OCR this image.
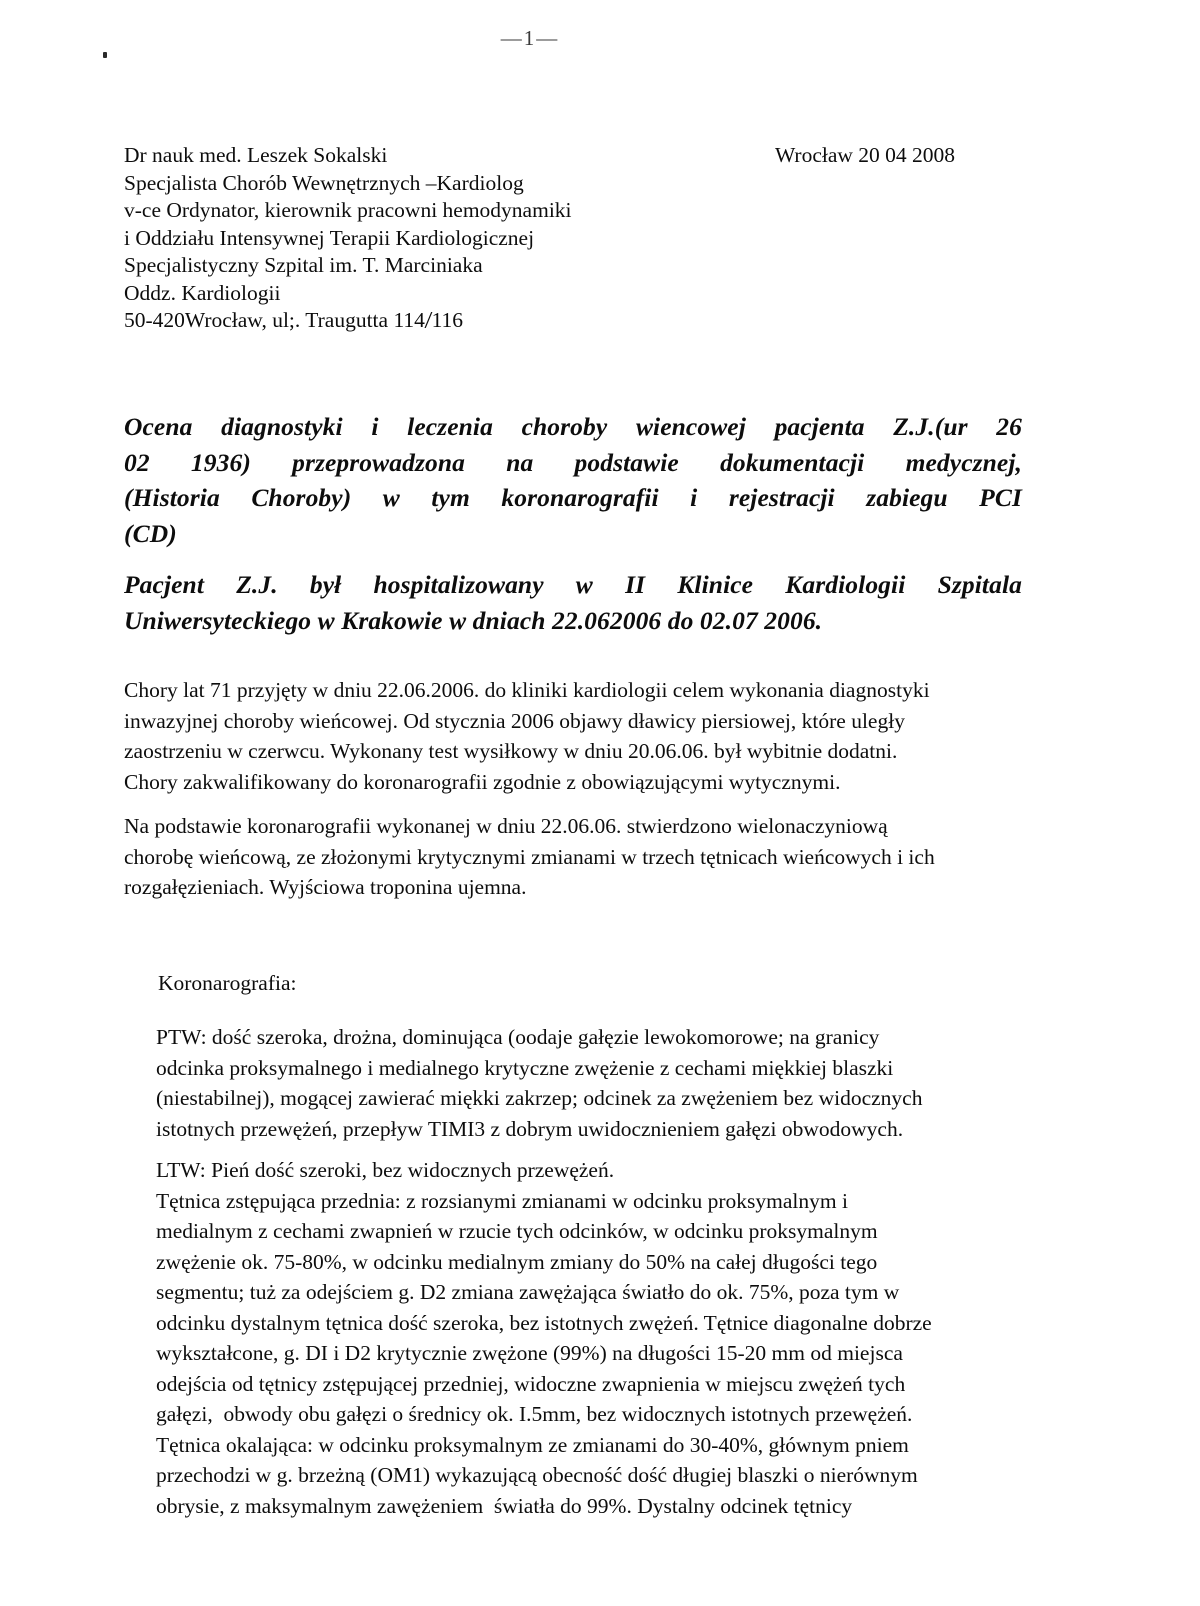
—1—
Dr nauk med. Leszek Sokalski
Specjalista Chorób Wewnętrznych –Kardiolog
v-ce Ordynator, kierownik pracowni hemodynamiki
i Oddziału Intensywnej Terapii Kardiologicznej
Specjalistyczny Szpital im. T. Marciniaka
Oddz. Kardiologii
50-420Wrocław, ul;. Traugutta 114/116
Wrocław 20 04 2008
Ocena diagnostyki i leczenia choroby wiencowej pacjenta Z.J.(ur 26
02 1936) przeprowadzona na podstawie dokumentacji medycznej,
(Historia Choroby) w tym koronarografii i rejestracji zabiegu PCI
(CD)
Pacjent Z.J. był hospitalizowany w II Klinice Kardiologii Szpitala
Uniwersyteckiego w Krakowie w dniach 22.062006 do 02.07 2006.
Chory lat 71 przyjęty w dniu 22.06.2006. do kliniki kardiologii celem wykonania diagnostyki
inwazyjnej choroby wieńcowej. Od stycznia 2006 objawy dławicy piersiowej, które uległy
zaostrzeniu w czerwcu. Wykonany test wysiłkowy w dniu 20.06.06. był wybitnie dodatni.
Chory zakwalifikowany do koronarografii zgodnie z obowiązującymi wytycznymi.
Na podstawie koronarografii wykonanej w dniu 22.06.06. stwierdzono wielonaczyniową
chorobę wieńcową, ze złożonymi krytycznymi zmianami w trzech tętnicach wieńcowych i ich
rozgałęzieniach. Wyjściowa troponina ujemna.
Koronarografia:
PTW: dość szeroka, drożna, dominująca (oodaje gałęzie lewokomorowe; na granicy
odcinka proksymalnego i medialnego krytyczne zwężenie z cechami miękkiej blaszki
(niestabilnej), mogącej zawierać miękki zakrzep; odcinek za zwężeniem bez widocznych
istotnych przewężeń, przepływ TIMI3 z dobrym uwidocznieniem gałęzi obwodowych.
LTW: Pień dość szeroki, bez widocznych przewężeń.
Tętnica zstępująca przednia: z rozsianymi zmianami w odcinku proksymalnym i
medialnym z cechami zwapnień w rzucie tych odcinków, w odcinku proksymalnym
zwężenie ok. 75-80%, w odcinku medialnym zmiany do 50% na całej długości tego
segmentu; tuż za odejściem g. D2 zmiana zawężająca światło do ok. 75%, poza tym w
odcinku dystalnym tętnica dość szeroka, bez istotnych zwężeń. Tętnice diagonalne dobrze
wykształcone, g. DI i D2 krytycznie zwężone (99%) na długości 15-20 mm od miejsca
odejścia od tętnicy zstępującej przedniej, widoczne zwapnienia w miejscu zwężeń tych
gałęzi,  obwody obu gałęzi o średnicy ok. I.5mm, bez widocznych istotnych przewężeń.
Tętnica okalająca: w odcinku proksymalnym ze zmianami do 30-40%, głównym pniem
przechodzi w g. brzeżną (OM1) wykazującą obecność dość długiej blaszki o nierównym
obrysie, z maksymalnym zawężeniem  światła do 99%. Dystalny odcinek tętnicy
